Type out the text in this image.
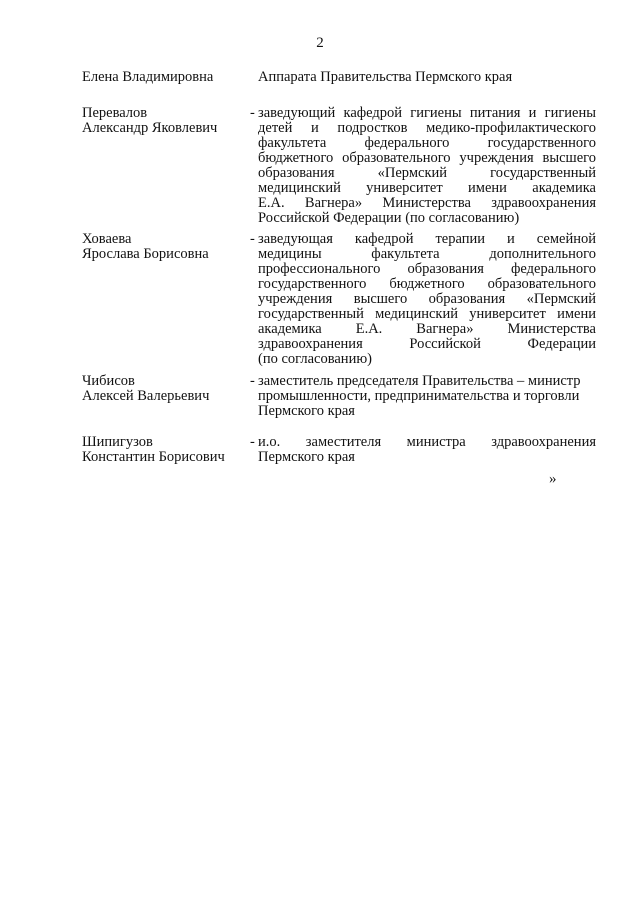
2
Елена Владимировна	Аппарата Правительства Пермского края
Перевалов
Александр Яковлевич
- заведующий кафедрой гигиены питания и гигиены
детей и подростков медико-профилактического
факультета федерального государственного
бюджетного образовательного учреждения высшего
образования «Пермский государственный
медицинский университет имени академика
Е.А. Вагнера» Министерства здравоохранения
Российской Федерации (по согласованию)
Ховаева
Ярослава Борисовна
- заведующая кафедрой терапии и семейной
медицины факультета дополнительного
профессионального образования федерального
государственного бюджетного образовательного
учреждения высшего образования «Пермский
государственный медицинский университет имени
академика Е.А. Вагнера» Министерства
здравоохранения Российской Федерации
(по согласованию)
Чибисов
Алексей Валерьевич
- заместитель председателя Правительства – министр
промышленности, предпринимательства и торговли
Пермского края
Шипигузов
Константин Борисович
- и.о. заместителя министра здравоохранения
Пермского края
»
